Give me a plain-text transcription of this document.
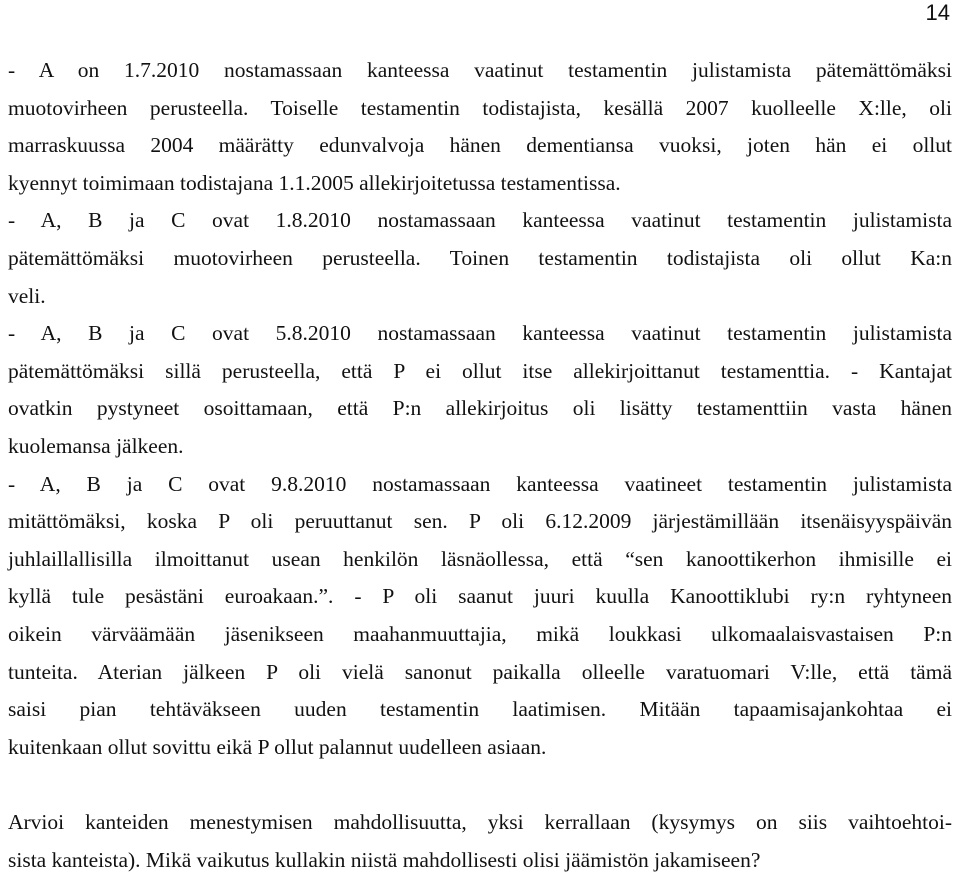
14
- A on 1.7.2010 nostamassaan kanteessa vaatinut testamentin julistamista pätemättömäksi
muotovirheen perusteella. Toiselle testamentin todistajista, kesällä 2007 kuolleelle X:lle, oli
marraskuussa 2004 määrätty edunvalvoja hänen dementiansa vuoksi, joten hän ei ollut
kyennyt toimimaan todistajana 1.1.2005 allekirjoitetussa testamentissa.
- A, B ja C ovat 1.8.2010 nostamassaan kanteessa vaatinut testamentin julistamista
pätemättömäksi muotovirheen perusteella. Toinen testamentin todistajista oli ollut Ka:n
veli.
- A, B ja C ovat 5.8.2010 nostamassaan kanteessa vaatinut testamentin julistamista
pätemättömäksi sillä perusteella, että P ei ollut itse allekirjoittanut testamenttia. - Kantajat
ovatkin pystyneet osoittamaan, että P:n allekirjoitus oli lisätty testamenttiin vasta hänen
kuolemansa jälkeen.
- A, B ja C ovat 9.8.2010 nostamassaan kanteessa vaatineet testamentin julistamista
mitättömäksi, koska P oli peruuttanut sen. P oli 6.12.2009 järjestämillään itsenäisyyspäivän
juhlaillallisilla ilmoittanut usean henkilön läsnäollessa, että “sen kanoottikerhon ihmisille ei
kyllä tule pesästäni euroakaan.”. - P oli saanut juuri kuulla Kanoottiklubi ry:n ryhtyneen
oikein värväämään jäsenikseen maahanmuuttajia, mikä loukkasi ulkomaalaisvastaisen P:n
tunteita. Aterian jälkeen P oli vielä sanonut paikalla olleelle varatuomari V:lle, että tämä
saisi pian tehtäväkseen uuden testamentin laatimisen. Mitään tapaamisajankohtaa ei
kuitenkaan ollut sovittu eikä P ollut palannut uudelleen asiaan.
Arvioi kanteiden menestymisen mahdollisuutta, yksi kerrallaan (kysymys on siis vaihtoehtoi-
sista kanteista). Mikä vaikutus kullakin niistä mahdollisesti olisi jäämistön jakamiseen?
